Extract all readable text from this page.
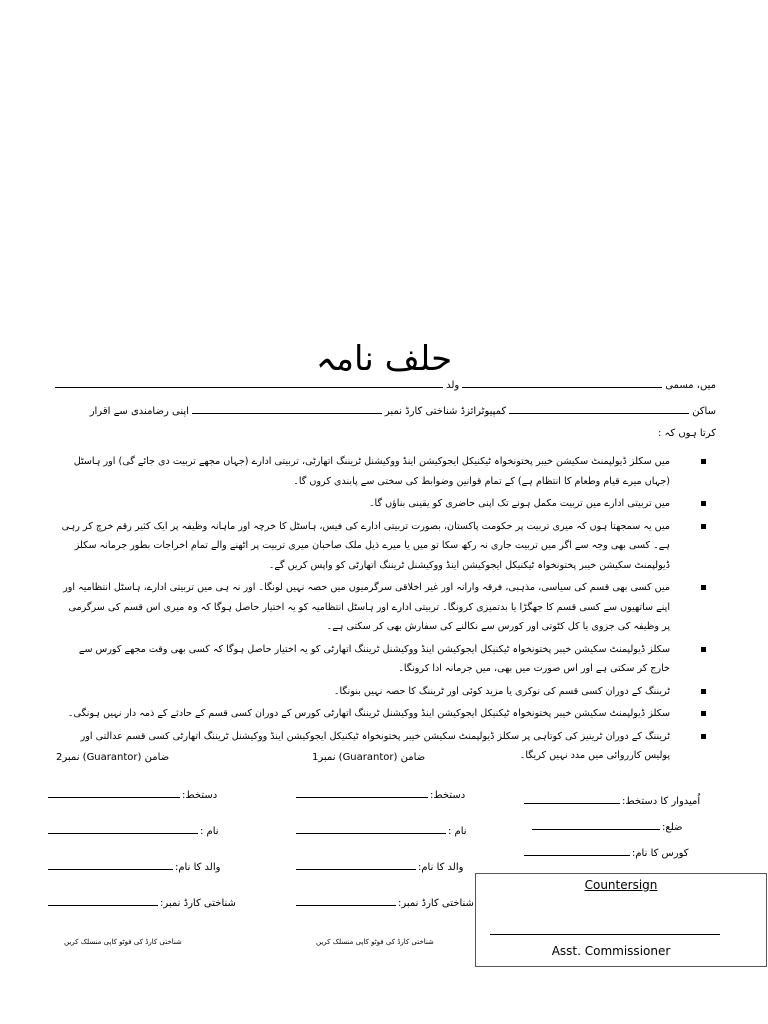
حلف نامہ
میں، مسمی
ولد
ساکن
کمپیوٹرائزڈ شناختی کارڈ نمبر
اپنی رضامندی سے اقرار
کرتا ہوں کہ :
میں سکلز ڈیولپمنٹ سکیشن خیبر پختونخواہ ٹیکنیکل ایجوکیشن اینڈ ووکیشنل ٹریننگ اتھارٹی، تربیتی ادارے (جہاں مجھے تربیت دی جائے گی) اور ہاسٹل (جہاں میرے قیام وطعام کا انتظام ہے) کے تمام قوانین وضوابط کی سختی سے پابندی کروں گا۔
میں تربیتی ادارے میں تربیت مکمل ہونے تک اپنی حاضری کو یقینی بناؤں گا۔
میں یہ سمجھتا ہوں کہ میری تربیت پر حکومت پاکستان، بصورت تربیتی ادارے کی فیس، ہاسٹل کا خرچہ اور ماہانہ وظیفہ پر ایک کثیر رقم خرچ کر رہی ہے۔ کسی بھی وجہ سے اگر میں تربیت جاری نہ رکھ سکا تو میں یا میرے ذیل ملک صاحبان میری تربیت پر اٹھنے والے تمام اخراجات بطور جرمانہ سکلز ڈیولپمنٹ سکیشن خیبر پختونخواہ ٹیکنیکل ایجوکیشن اینڈ ووکیشنل ٹریننگ اتھارٹی کو واپس کریں گے۔
میں کسی بھی قسم کی سیاسی، مذہبی، فرقہ وارانہ اور غیر اخلاقی سرگرمیوں میں حصہ نہیں لونگا۔ اور نہ ہی میں تربیتی ادارے، ہاسٹل انتظامیہ اور اپنے ساتھیوں سے کسی قسم کا جھگڑا یا بدتمیزی کرونگا۔ تربیتی ادارے اور ہاسٹل انتظامیہ کو یہ اختیار حاصل ہوگا کہ وہ میری اس قسم کی سرگرمی پر وظیفہ کی جزوی یا کل کٹوتی اور کورس سے نکالنے کی سفارش بھی کر سکتی ہے۔
سکلز ڈیولپمنٹ سکیشن خیبر پختونخواہ ٹیکنیکل ایجوکیشن اینڈ ووکیشنل ٹریننگ اتھارٹی کو یہ اختیار حاصل ہوگا کہ کسی بھی وقت مجھے کورس سے خارج کر سکتی ہے اور اس صورت میں بھی، میں جرمانہ ادا کرونگا۔
ٹریننگ کے دوران کسی قسم کی نوکری یا مزید کوئی اور ٹریننگ کا حصہ نہیں بنونگا۔
سکلز ڈیولپمنٹ سکیشن خیبر پختونخواہ ٹیکنیکل ایجوکیشن اینڈ ووکیشنل ٹریننگ اتھارٹی کورس کے دوران کسی قسم کے حادثے کے ذمہ دار نہیں ہونگی۔
ٹریننگ کے دوران ٹرینیز کی کوتاہی پر سکلز ڈیولپمنٹ سکیشن خیبر پختونخواہ ٹیکنیکل ایجوکیشن اینڈ ووکیشنل ٹریننگ اتھارٹی کسی قسم عدالتی اور پولیس کارروائی میں مدد نہیں کریگا۔
ضامن (Guarantor) نمبر2	ضامن (Guarantor) نمبر1
دستخط:
نام :
والد کا نام:
شناختی کارڈ نمبر:
شناختی کارڈ کی فوٹو کاپی منسلک کریں
دستخط:
نام :
والد کا نام:
شناختی کارڈ نمبر:
شناختی کارڈ کی فوٹو کاپی منسلک کریں
اُمیدوار کا دستخط:
ضلع:
کورس کا نام:
Countersign
Asst. Commissioner
